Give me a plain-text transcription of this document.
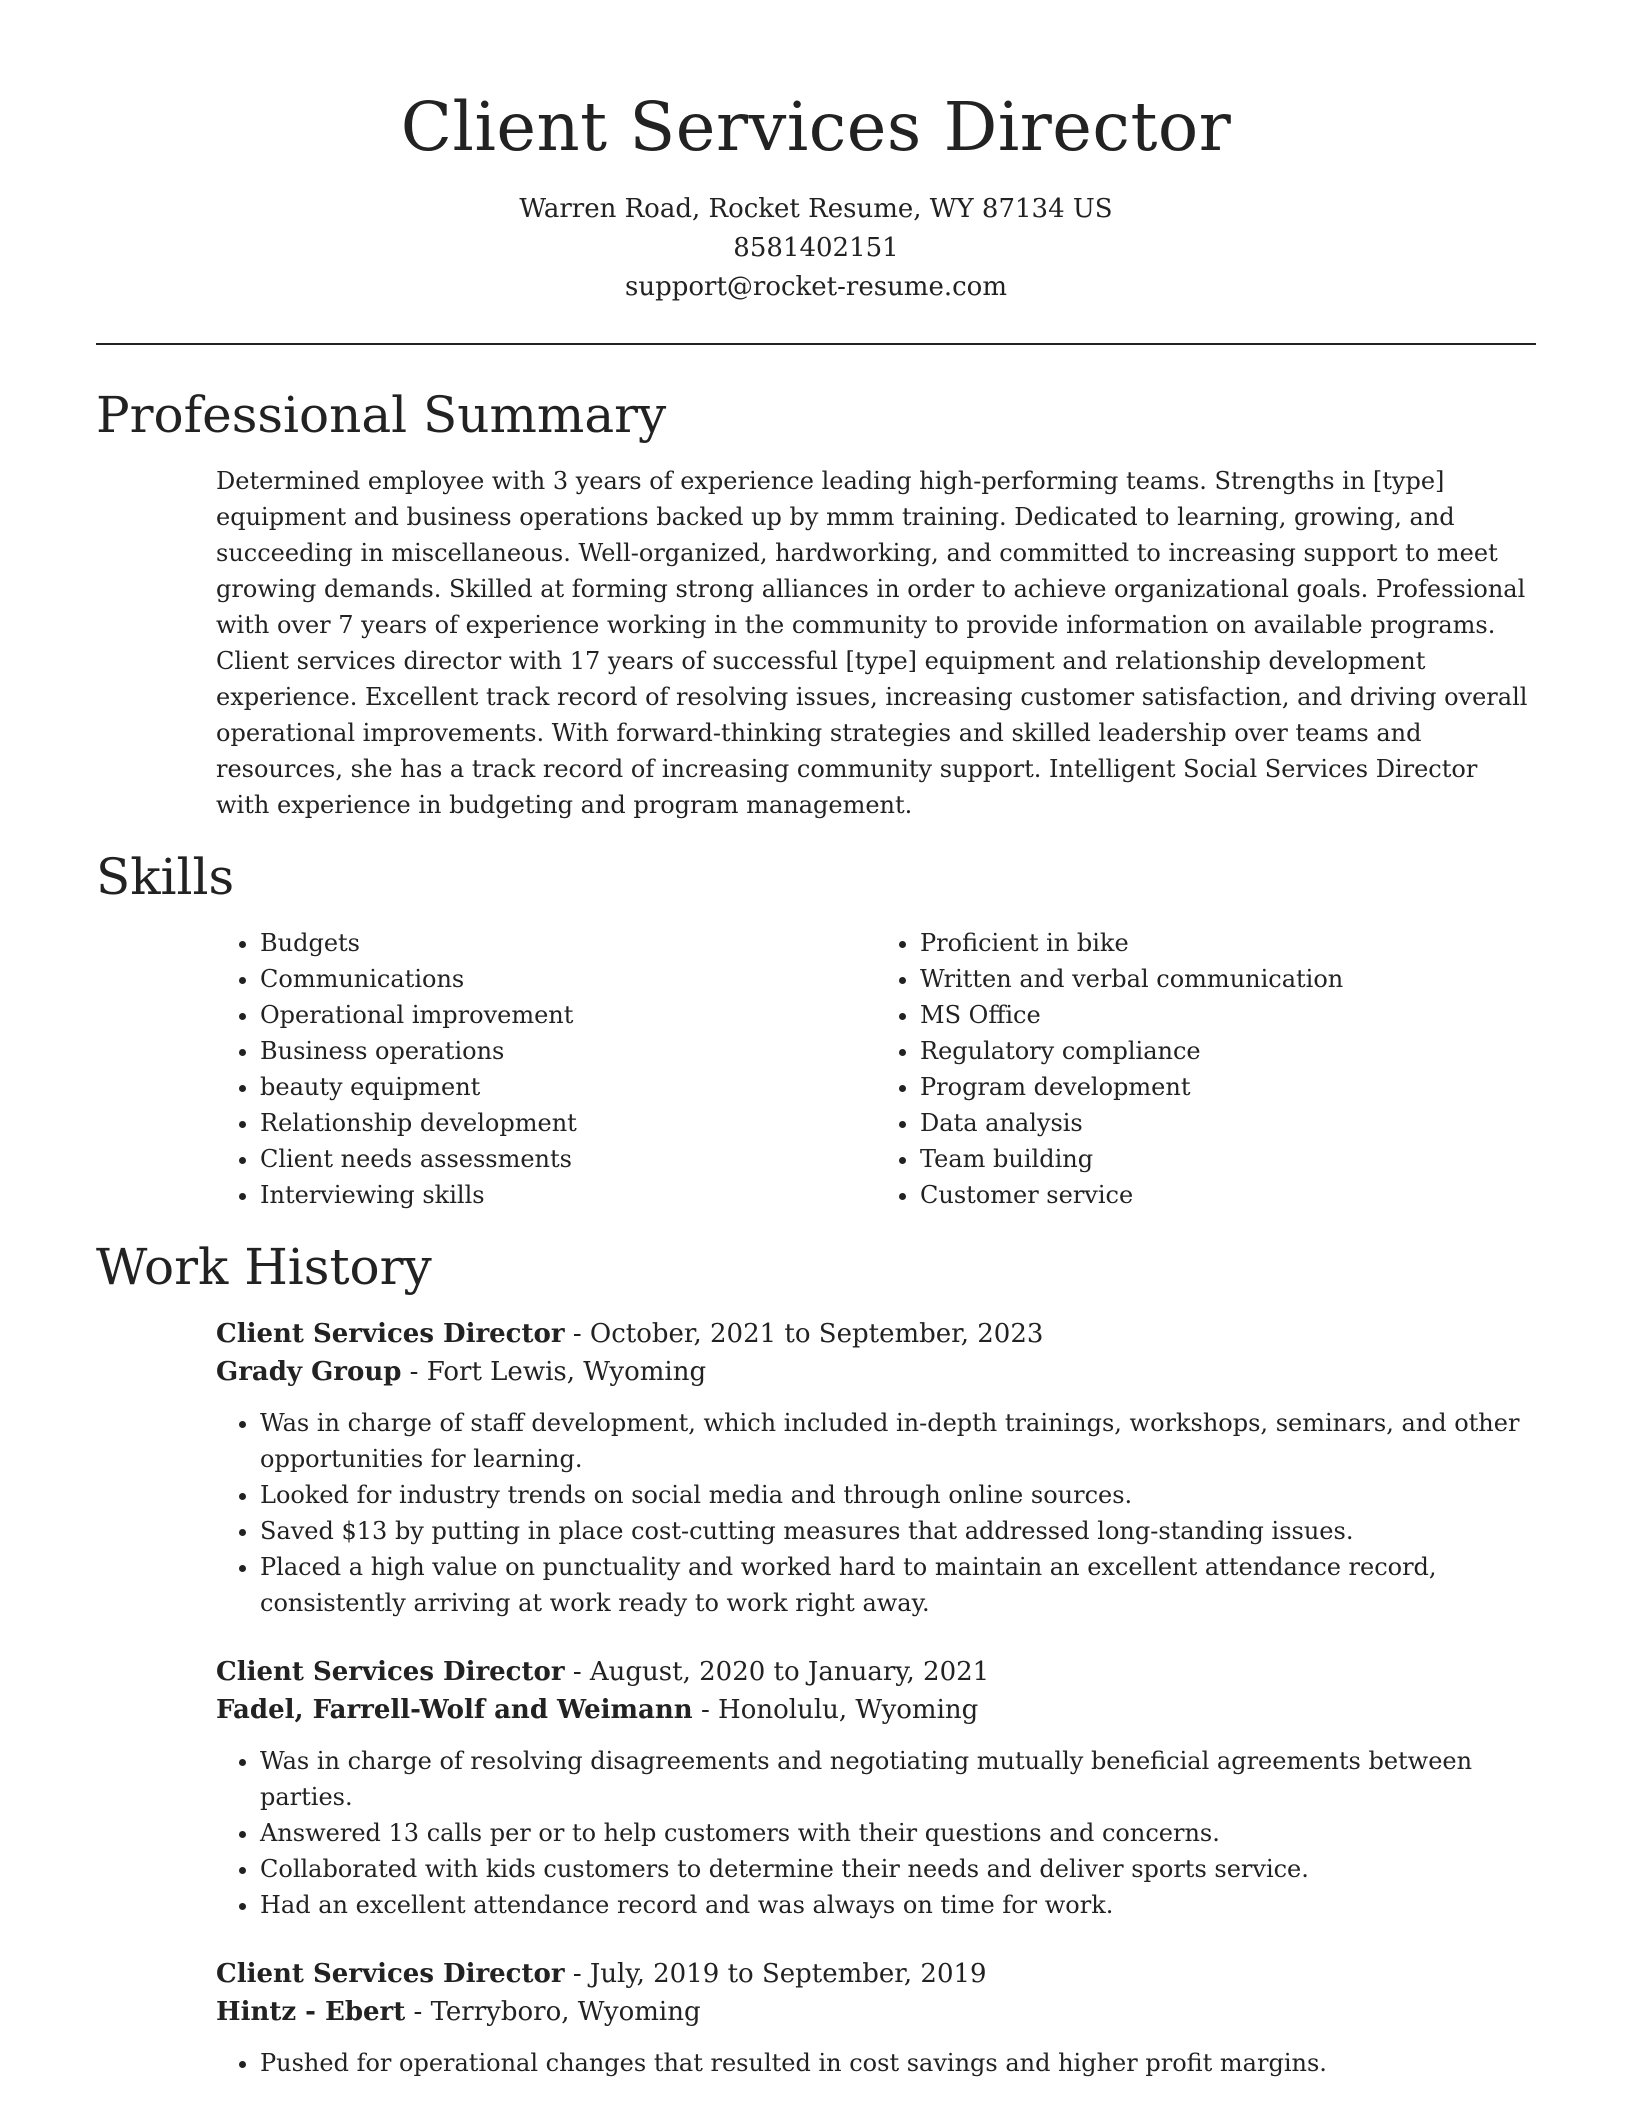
Client Services Director
Warren Road, Rocket Resume, WY 87134 US
8581402151
support@rocket-resume.com
Professional Summary

Determined employee with 3 years of experience leading high-performing teams. Strengths in [type] equipment and business operations backed up by mmm training. Dedicated to learning, growing, and succeeding in miscellaneous. Well-organized, hardworking, and committed to increasing support to meet growing demands. Skilled at forming strong alliances in order to achieve organizational goals. Professional with over 7 years of experience working in the community to provide information on available programs. Client services director with 17 years of successful [type] equipment and relationship development experience. Excellent track record of resolving issues, increasing customer satisfaction, and driving overall operational improvements. With forward-thinking strategies and skilled leadership over teams and resources, she has a track record of increasing community support. Intelligent Social Services Director with experience in budgeting and program management.

Skills
• Budgets
• Communications
• Operational improvement
• Business operations
• beauty equipment
• Relationship development
• Client needs assessments
• Interviewing skills
• Proficient in bike
• Written and verbal communication
• MS Office
• Regulatory compliance
• Program development
• Data analysis
• Team building
• Customer service
Work History
Client Services Director - October, 2021 to September, 2023
Grady Group - Fort Lewis, Wyoming
• Was in charge of staff development, which included in-depth trainings, workshops, seminars, and other opportunities for learning.
• Looked for industry trends on social media and through online sources.
• Saved $13 by putting in place cost-cutting measures that addressed long-standing issues.
• Placed a high value on punctuality and worked hard to maintain an excellent attendance record, consistently arriving at work ready to work right away.
Client Services Director - August, 2020 to January, 2021
Fadel, Farrell-Wolf and Weimann - Honolulu, Wyoming
• Was in charge of resolving disagreements and negotiating mutually beneficial agreements between parties.
• Answered 13 calls per or to help customers with their questions and concerns.
• Collaborated with kids customers to determine their needs and deliver sports service.
• Had an excellent attendance record and was always on time for work.
Client Services Director - July, 2019 to September, 2019
Hintz - Ebert - Terryboro, Wyoming
• Pushed for operational changes that resulted in cost savings and higher profit margins.
